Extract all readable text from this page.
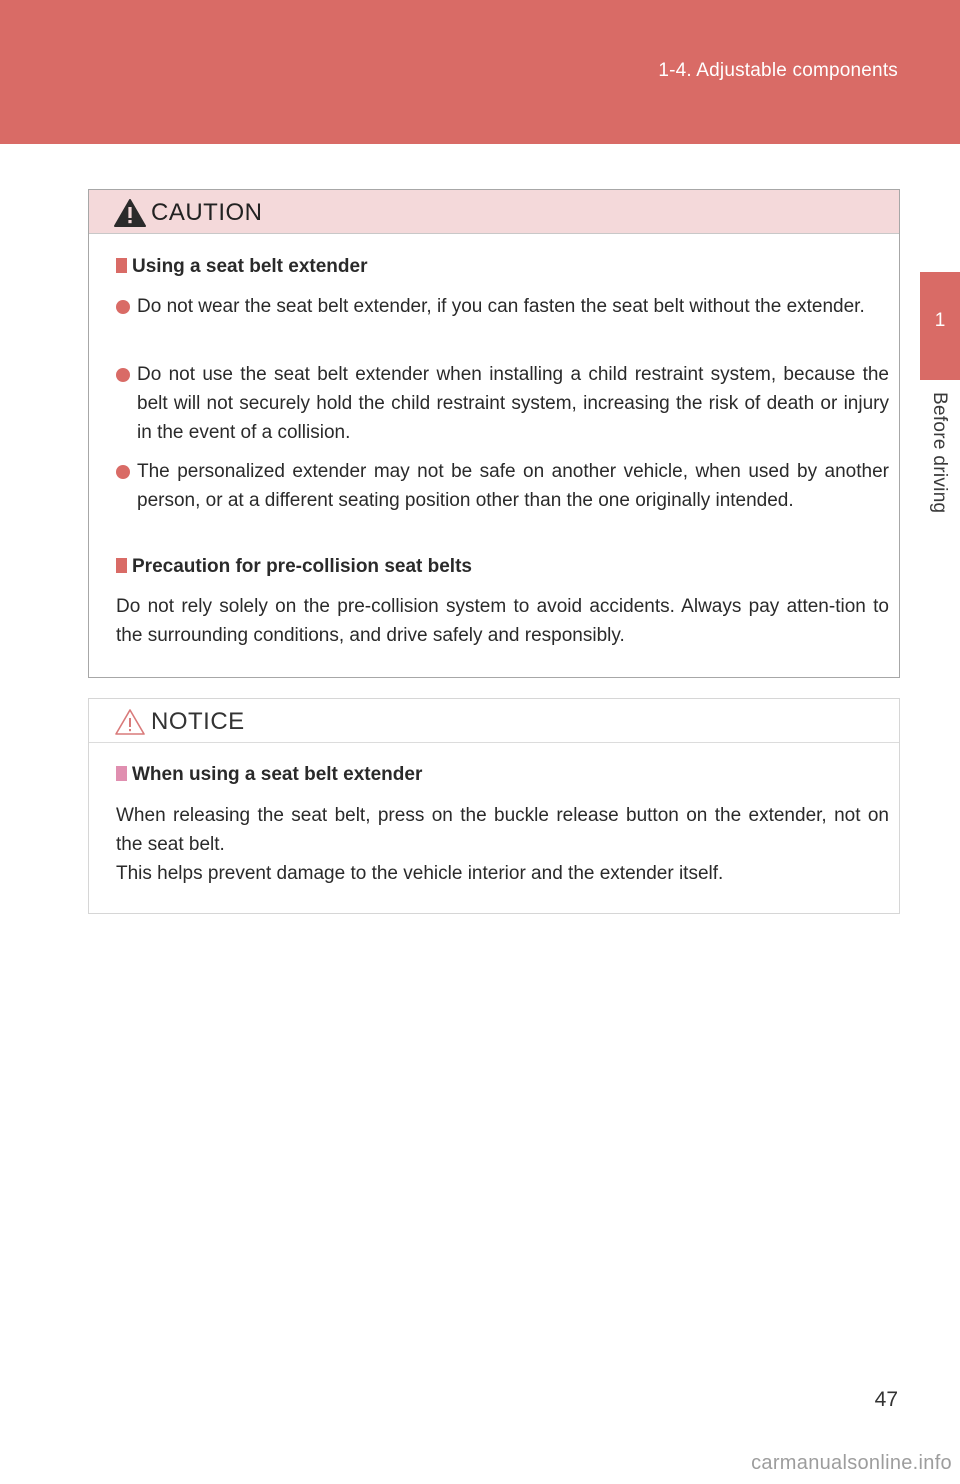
1-4. Adjustable components
1
Before driving
CAUTION
Using a seat belt extender
Do not wear the seat belt extender, if you can fasten the seat belt without the extender.
Do not use the seat belt extender when installing a child restraint system, because the belt will not securely hold the child restraint system, increasing the risk of death or injury in the event of a collision.
The personalized extender may not be safe on another vehicle, when used by another person, or at a different seating position other than the one originally intended.
Precaution for pre-collision seat belts
Do not rely solely on the pre-collision system to avoid accidents. Always pay atten-tion to the surrounding conditions, and drive safely and responsibly.
NOTICE
When using a seat belt extender
When releasing the seat belt, press on the buckle release button on the extender, not on the seat belt.
This helps prevent damage to the vehicle interior and the extender itself.
47
carmanualsonline.info
